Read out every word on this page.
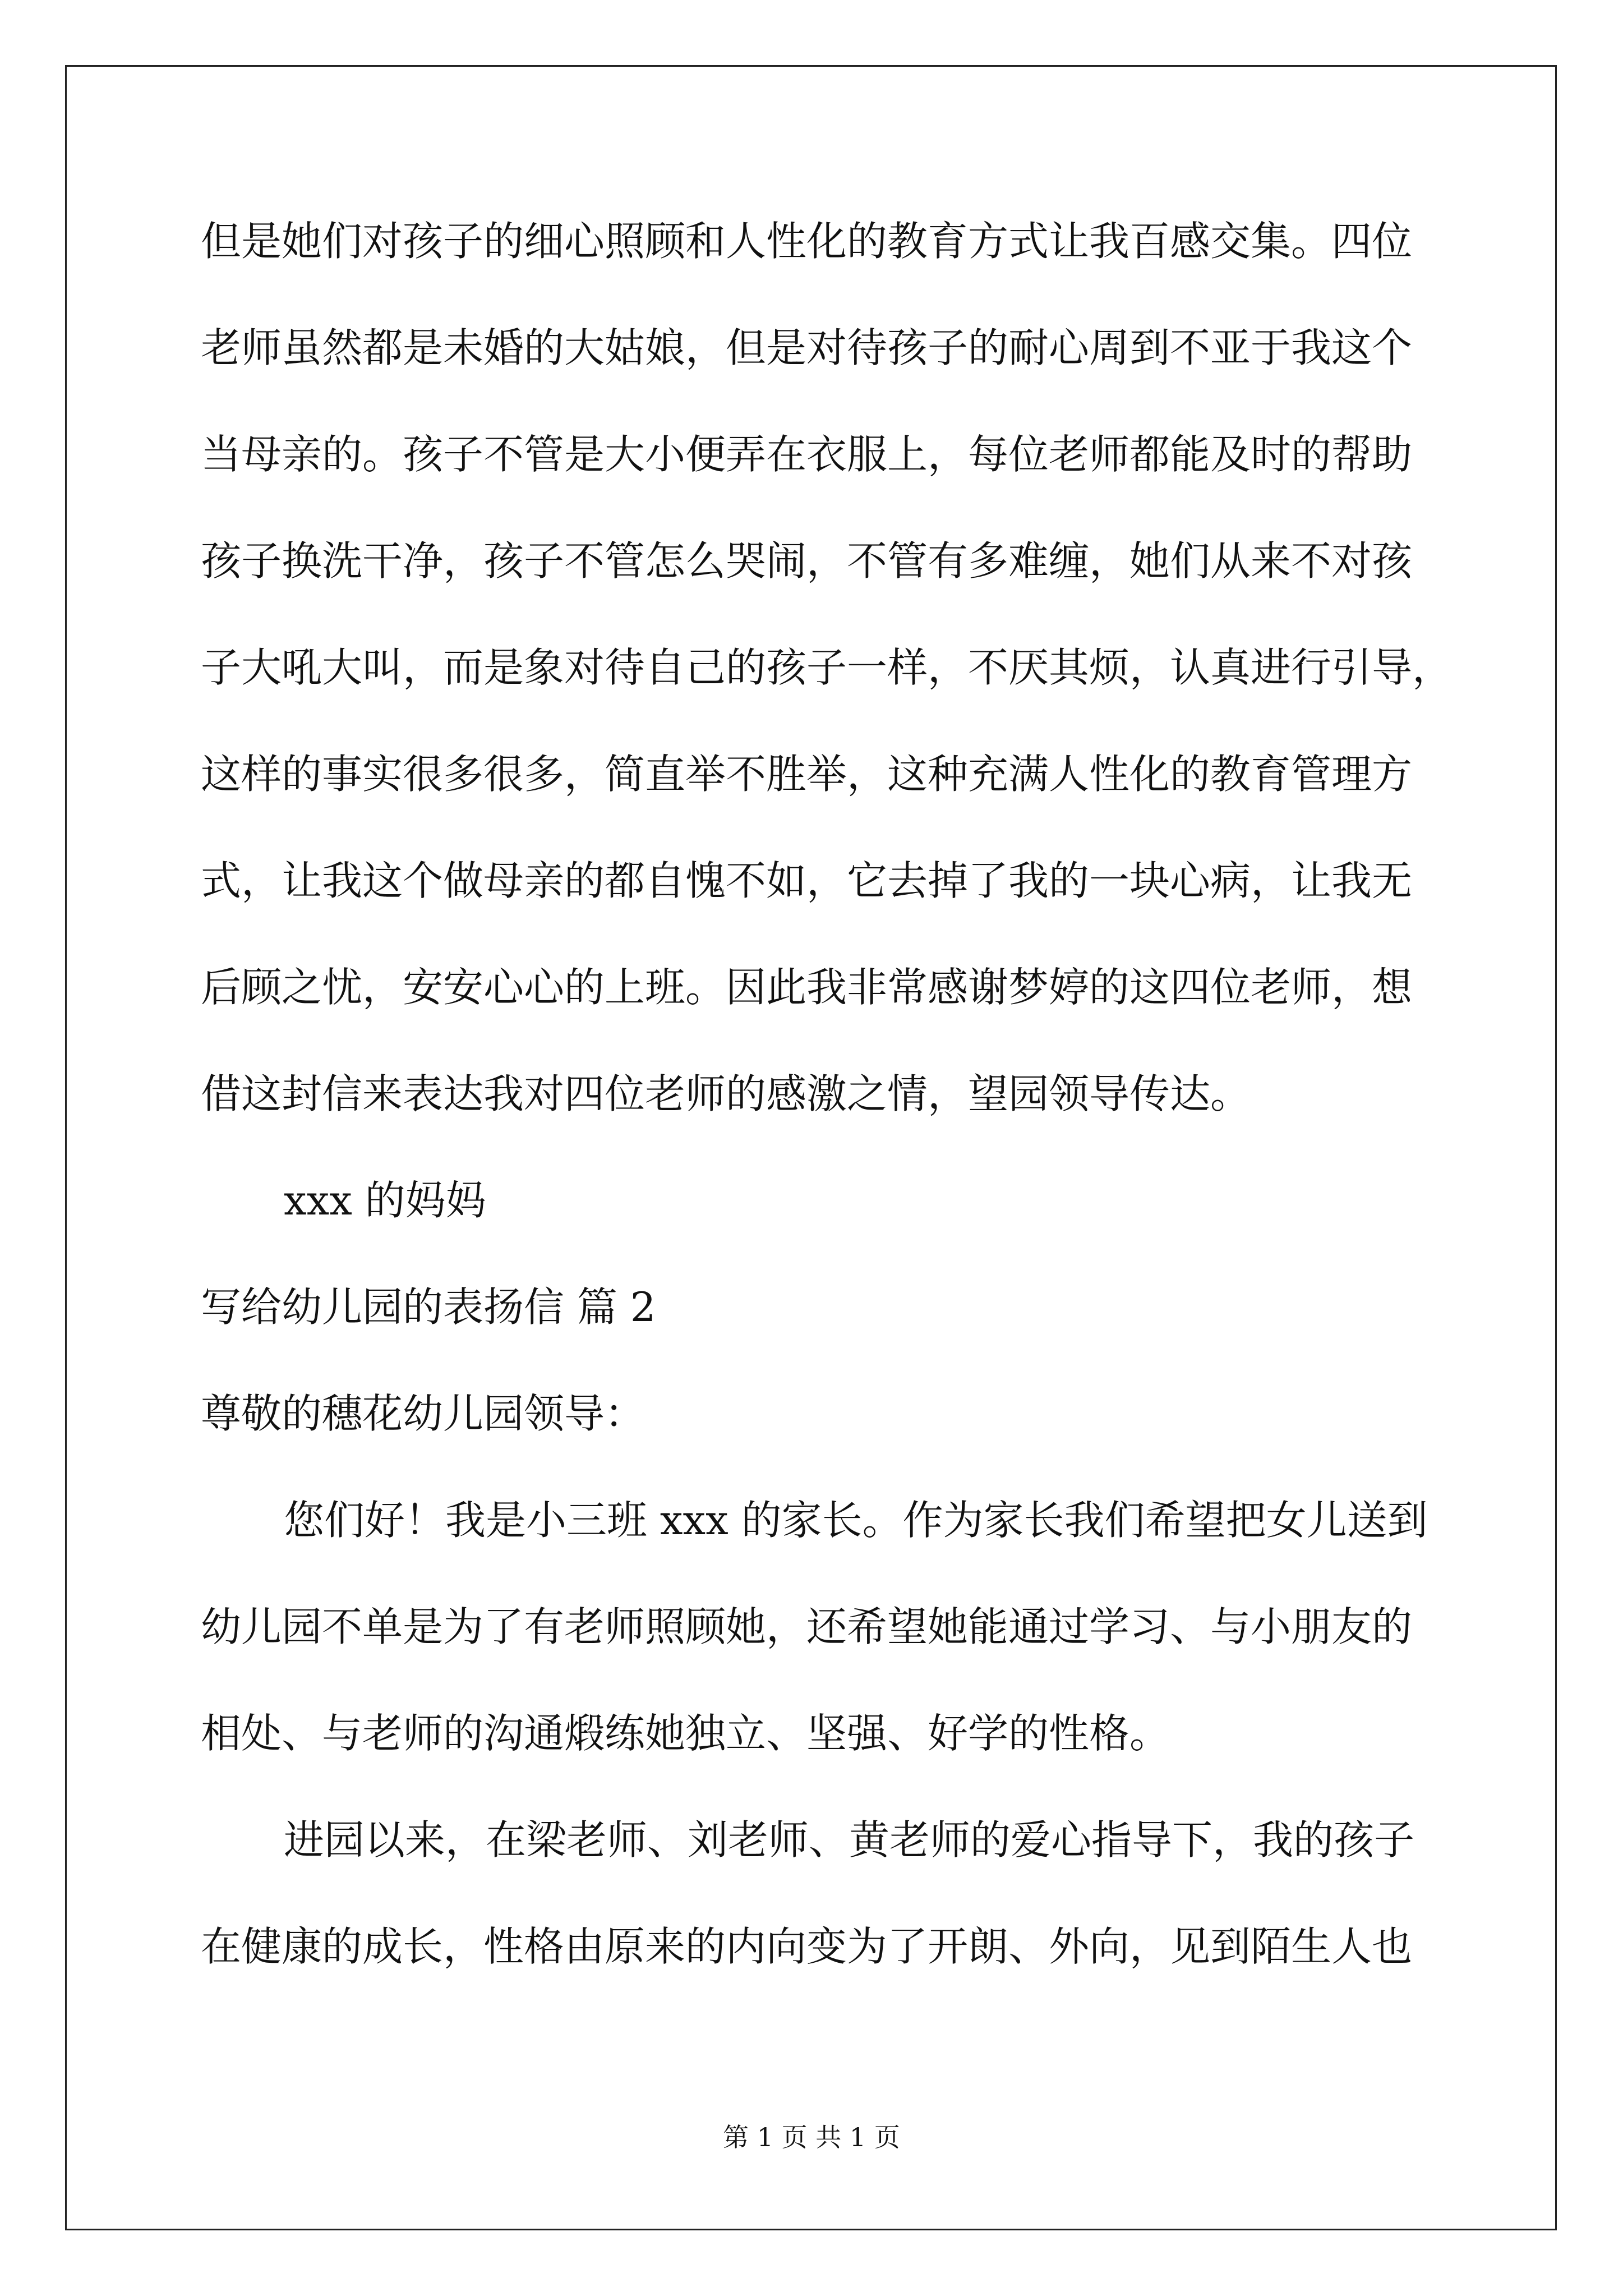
但是她们对孩子的细心照顾和人性化的教育方式让我百感交集。四位
老师虽然都是未婚的大姑娘，但是对待孩子的耐心周到不亚于我这个
当母亲的。孩子不管是大小便弄在衣服上，每位老师都能及时的帮助
孩子换洗干净，孩子不管怎么哭闹，不管有多难缠，她们从来不对孩
子大吼大叫，而是象对待自己的孩子一样，不厌其烦，认真进行引导，
这样的事实很多很多，简直举不胜举，这种充满人性化的教育管理方
式，让我这个做母亲的都自愧不如，它去掉了我的一块心病，让我无
后顾之忧，安安心心的上班。因此我非常感谢梦婷的这四位老师，想
借这封信来表达我对四位老师的感激之情，望园领导传达。
xxx 的妈妈
写给幼儿园的表扬信 篇 2
尊敬的穗花幼儿园领导：
您们好！我是小三班 xxx 的家长。作为家长我们希望把女儿送到
幼儿园不单是为了有老师照顾她，还希望她能通过学习、与小朋友的
相处、与老师的沟通煅练她独立、坚强、好学的性格。
进园以来，在梁老师、刘老师、黄老师的爱心指导下，我的孩子
在健康的成长，性格由原来的内向变为了开朗、外向，见到陌生人也
第 1 页 共 1 页
